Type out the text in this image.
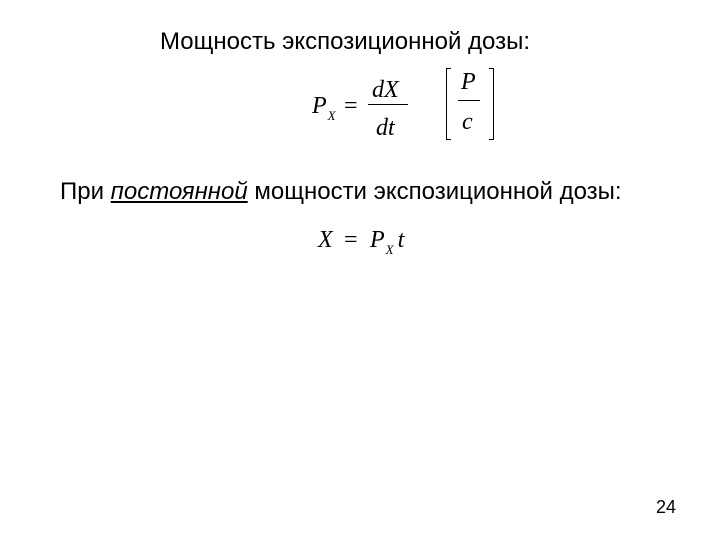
Мощность экспозиционной дозы:
$P_X$ =
dX
dt
P
c
При постоянной мощности экспозиционной дозы:
$X = P_X$ t
24
